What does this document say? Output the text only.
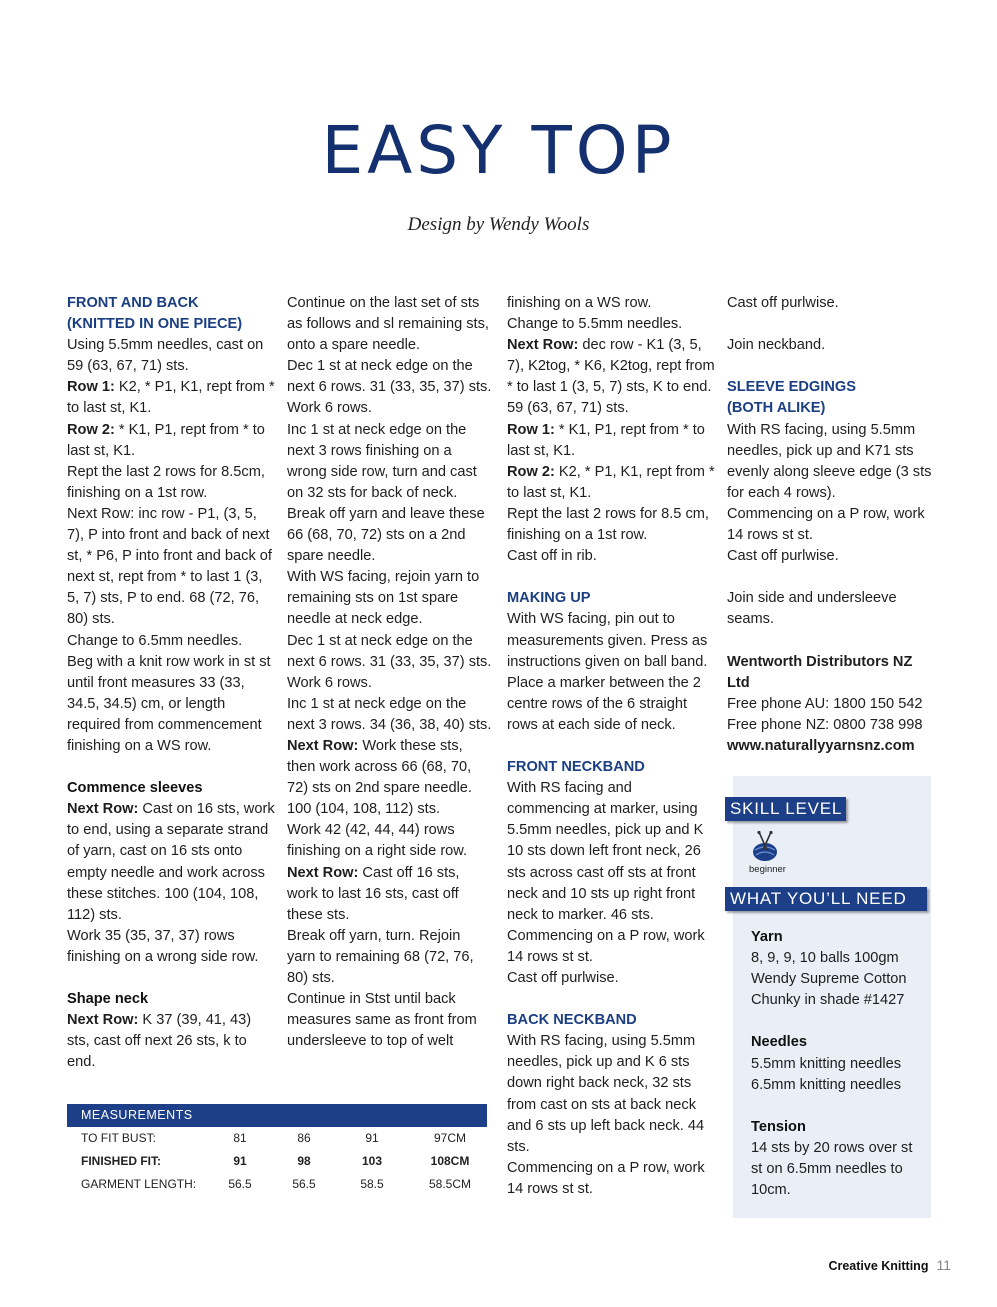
EASY TOP
Design by Wendy Wools
FRONT AND BACK
(KNITTED IN ONE PIECE)

Using 5.5mm needles, cast on 59 (63, 67, 71) sts.

Row 1: K2, * P1, K1, rept from * to last st, K1.

Row 2: * K1, P1, rept from * to last st, K1.

Rept the last 2 rows for 8.5cm, finishing on a 1st row.

Next Row: inc row - P1, (3, 5, 7), P into front and back of next st, * P6, P into front and back of next st, rept from * to last 1 (3, 5, 7) sts, P to end. 68 (72, 76, 80) sts.

Change to 6.5mm needles.

Beg with a knit row work in st st until front measures 33 (33, 34.5, 34.5) cm, or length required from commencement finishing on a WS row.

Commence sleeves

Next Row: Cast on 16 sts, work to end, using a separate strand of yarn, cast on 16 sts onto empty needle and work across these stitches. 100 (104, 108, 112) sts.

Work 35 (35, 37, 37) rows finishing on a wrong side row.

Shape neck

Next Row: K 37 (39, 41, 43) sts, cast off next 26 sts, k to end.

Continue on the last set of sts as follows and sl remaining sts, onto a spare needle.

Dec 1 st at neck edge on the next 6 rows. 31 (33, 35, 37) sts.

Work 6 rows.

Inc 1 st at neck edge on the next 3 rows finishing on a wrong side row, turn and cast on 32 sts for back of neck.

Break off yarn and leave these 66 (68, 70, 72) sts on a 2nd spare needle.

With WS facing, rejoin yarn to remaining sts on 1st spare needle at neck edge.

Dec 1 st at neck edge on the next 6 rows. 31 (33, 35, 37) sts.

Work 6 rows.

Inc 1 st at neck edge on the next 3 rows. 34 (36, 38, 40) sts.

Next Row: Work these sts, then work across 66 (68, 70, 72) sts on 2nd spare needle. 100 (104, 108, 112) sts.

Work 42 (42, 44, 44) rows finishing on a right side row.

Next Row: Cast off 16 sts, work to last 16 sts, cast off these sts.

Break off yarn, turn. Rejoin yarn to remaining 68 (72, 76, 80) sts.

Continue in Stst until back measures same as front from undersleeve to top of welt

finishing on a WS row.

Change to 5.5mm needles.

Next Row: dec row - K1 (3, 5, 7), K2tog, * K6, K2tog, rept from * to last 1 (3, 5, 7) sts, K to end. 59 (63, 67, 71) sts.

Row 1: * K1, P1, rept from * to last st, K1.

Row 2: K2, * P1, K1, rept from * to last st, K1.

Rept the last 2 rows for 8.5 cm, finishing on a 1st row.

Cast off in rib.

MAKING UP

With WS facing, pin out to measurements given. Press as instructions given on ball band. Place a marker between the 2 centre rows of the 6 straight rows at each side of neck.

FRONT NECKBAND

With RS facing and commencing at marker, using 5.5mm needles, pick up and K 10 sts down left front neck, 26 sts across cast off sts at front neck and 10 sts up right front neck to marker. 46 sts.

Commencing on a P row, work 14 rows st st.

Cast off purlwise.

BACK NECKBAND

With RS facing, using 5.5mm needles, pick up and K 6 sts down right back neck, 32 sts from cast on sts at back neck and 6 sts up left back neck. 44 sts.

Commencing on a P row, work 14 rows st st.

Cast off purlwise.

Join neckband.

SLEEVE EDGINGS
(BOTH ALIKE)

With RS facing, using 5.5mm needles, pick up and K71 sts evenly along sleeve edge (3 sts for each 4 rows).

Commencing on a P row, work 14 rows st st.

Cast off purlwise.

Join side and undersleeve seams.

Wentworth Distributors NZ Ltd

Free phone AU: 1800 150 542

Free phone NZ: 0800 738 998

www.naturallyyarnsnz.com

MEASUREMENTS
TO FIT BUST:	81	86	91	97CM
FINISHED FIT:	91	98	103	108CM
GARMENT LENGTH:	56.5	56.5	58.5	58.5CM
SKILL LEVEL
beginner
WHAT YOU’LL NEED
Yarn

8, 9, 9, 10 balls 100gm Wendy Supreme Cotton Chunky in shade #1427

Needles

5.5mm knitting needles

6.5mm knitting needles

Tension

14 sts by 20 rows over st st on 6.5mm needles to 10cm.

Creative Knitting 11
